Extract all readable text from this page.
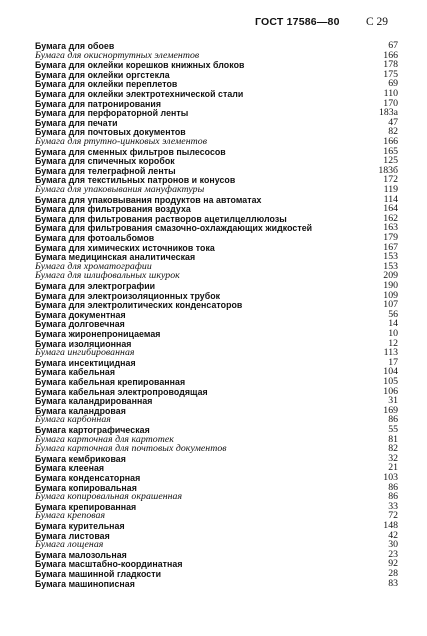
ГОСТ 17586—80 С 29
Бумага для обоев	67
Бумага для окиснортутных элементов	166
Бумага для оклейки корешков книжных блоков	178
Бумага для оклейки оргстекла	175
Бумага для оклейки переплетов	69
Бумага для оклейки электротехнической стали	110
Бумага для патронирования	170
Бумага для перфораторной ленты	183а
Бумага для печати	47
Бумага для почтовых документов	82
Бумага для ртутно-цинковых элементов	166
Бумага для сменных фильтров пылесосов	165
Бумага для спичечных коробок	125
Бумага для телеграфной ленты	183б
Бумага для текстильных патронов и конусов	172
Бумага для упаковывания мануфактуры	119
Бумага для упаковывания продуктов на автоматах	114
Бумага для фильтрования воздуха	164
Бумага для фильтрования растворов ацетилцеллюлозы	162
Бумага для фильтрования смазочно-охлаждающих жидкостей	163
Бумага для фотоальбомов	179
Бумага для химических источников тока	167
Бумага медицинская аналитическая	153
Бумага для хроматографии	153
Бумага для шлифовальных шкурок	209
Бумага для электрографии	190
Бумага для электроизоляционных трубок	109
Бумага для электролитических конденсаторов	107
Бумага документная	56
Бумага долговечная	14
Бумага жиронепроницаемая	10
Бумага изоляционная	12
Бумага ингибированная	113
Бумага инсектицидная	17
Бумага кабельная	104
Бумага кабельная крепированная	105
Бумага кабельная электропроводящая	106
Бумага каландрированная	31
Бумага каландровая	169
Бумага карбонная	86
Бумага картографическая	55
Бумага карточная для картотек	81
Бумага карточная для почтовых документов	82
Бумага кембриковая	32
Бумага клееная	21
Бумага конденсаторная	103
Бумага копировальная	86
Бумага копировальная окрашенная	86
Бумага крепированная	33
Бумага креповая	72
Бумага курительная	148
Бумага листовая	42
Бумага лощеная	30
Бумага малозольная	23
Бумага масштабно-координатная	92
Бумага машинной гладкости	28
Бумага машинописная	83
